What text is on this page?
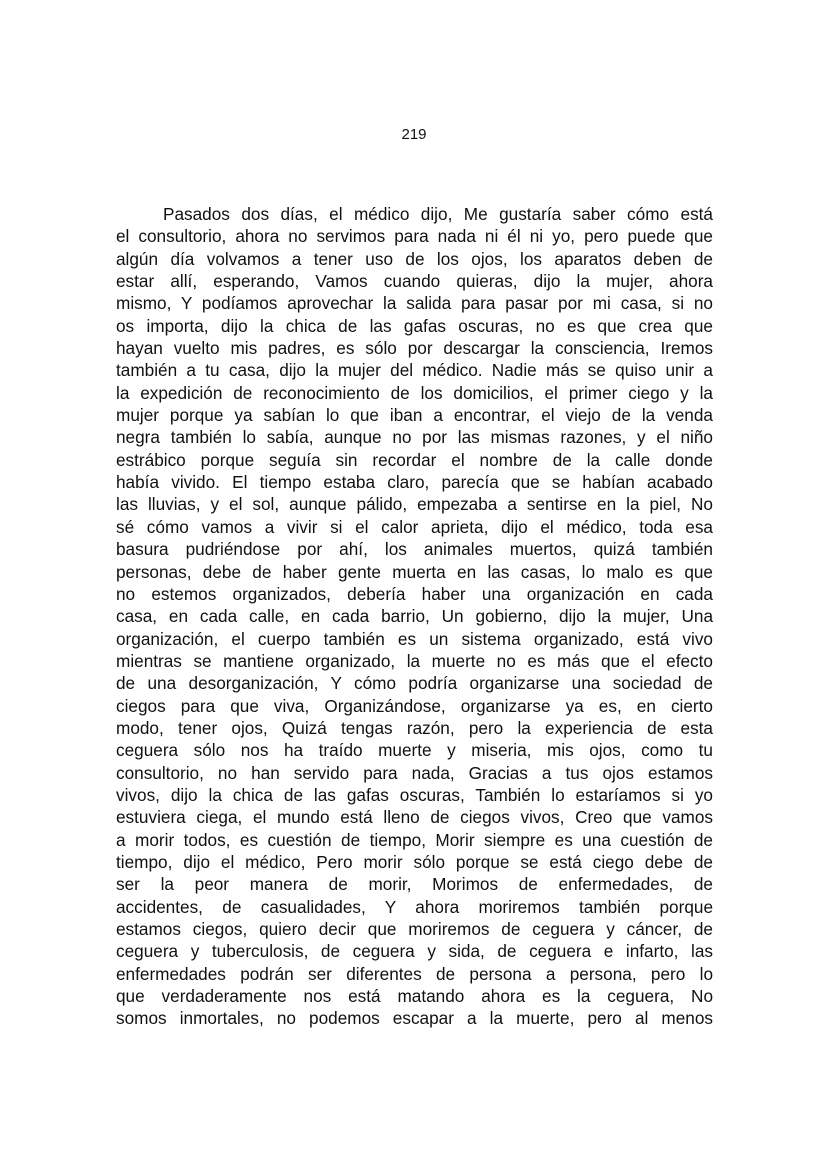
219
Pasados dos días, el médico dijo, Me gustaría saber cómo está
el consultorio, ahora no servimos para nada ni él ni yo, pero puede que
algún día volvamos a tener uso de los ojos, los aparatos deben de
estar allí, esperando, Vamos cuando quieras, dijo la mujer, ahora
mismo, Y podíamos aprovechar la salida para pasar por mi casa, si no
os importa, dijo la chica de las gafas oscuras, no es que crea que
hayan vuelto mis padres, es sólo por descargar la consciencia, Iremos
también a tu casa, dijo la mujer del médico. Nadie más se quiso unir a
la expedición de reconocimiento de los domicilios, el primer ciego y la
mujer porque ya sabían lo que iban a encontrar, el viejo de la venda
negra también lo sabía, aunque no por las mismas razones, y el niño
estrábico porque seguía sin recordar el nombre de la calle donde
había vivido. El tiempo estaba claro, parecía que se habían acabado
las lluvias, y el sol, aunque pálido, empezaba a sentirse en la piel, No
sé cómo vamos a vivir si el calor aprieta, dijo el médico, toda esa
basura pudriéndose por ahí, los animales muertos, quizá también
personas, debe de haber gente muerta en las casas, lo malo es que
no estemos organizados, debería haber una organización en cada
casa, en cada calle, en cada barrio, Un gobierno, dijo la mujer, Una
organización, el cuerpo también es un sistema organizado, está vivo
mientras se mantiene organizado, la muerte no es más que el efecto
de una desorganización, Y cómo podría organizarse una sociedad de
ciegos para que viva, Organizándose, organizarse ya es, en cierto
modo, tener ojos, Quizá tengas razón, pero la experiencia de esta
ceguera sólo nos ha traído muerte y miseria, mis ojos, como tu
consultorio, no han servido para nada, Gracias a tus ojos estamos
vivos, dijo la chica de las gafas oscuras, También lo estaríamos si yo
estuviera ciega, el mundo está lleno de ciegos vivos, Creo que vamos
a morir todos, es cuestión de tiempo, Morir siempre es una cuestión de
tiempo, dijo el médico, Pero morir sólo porque se está ciego debe de
ser la peor manera de morir, Morimos de enfermedades, de
accidentes, de casualidades, Y ahora moriremos también porque
estamos ciegos, quiero decir que moriremos de ceguera y cáncer, de
ceguera y tuberculosis, de ceguera y sida, de ceguera e infarto, las
enfermedades podrán ser diferentes de persona a persona, pero lo
que verdaderamente nos está matando ahora es la ceguera, No
somos inmortales, no podemos escapar a la muerte, pero al menos
